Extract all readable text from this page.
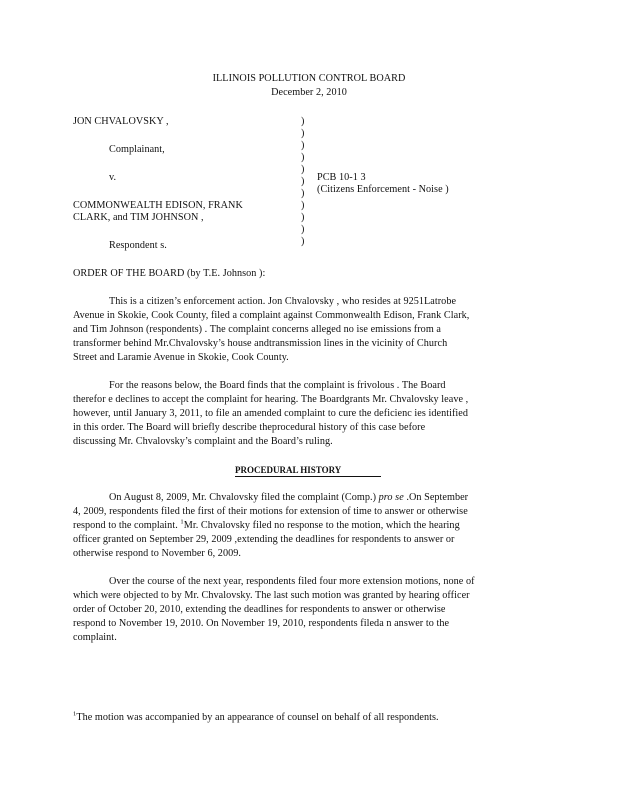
ILLINOIS POLLUTION CONTROL BOARD
December 2, 2010
JON CHVALOVSKY ,
Complainant,
v.
COMMONWEALTH EDISON, FRANK
CLARK, and TIM JOHNSON ,
Respondent s.
)
)
)
)
)
)
)
)
)
)
)
PCB 10-1 3
(Citizens Enforcement - Noise )
ORDER OF THE BOARD (by T.E. Johnson ):
This is a citizen’s enforcement action. Jon Chvalovsky , who resides at 9251Latrobe
Avenue in Skokie, Cook County, filed a complaint against Commonwealth Edison, Frank Clark,
and Tim Johnson (respondents) . The complaint concerns alleged no ise emissions from a
transformer behind Mr.Chvalovsky’s house andtransmission lines in the vicinity of Church
Street and Laramie Avenue in Skokie, Cook County.
For the reasons below, the Board finds that the complaint is frivolous . The Board
therefor e declines to accept the complaint for hearing. The Boardgrants Mr. Chvalovsky leave ,
however, until January 3, 2011, to file an amended complaint to cure the deficienc ies identified
in this order. The Board will briefly describe theprocedural history of this case before
discussing Mr. Chvalovsky’s complaint and the Board’s ruling.
PROCEDURAL HISTORY
On August 8, 2009, Mr. Chvalovsky filed the complaint (Comp.) pro se .On September
4, 2009, respondents filed the first of their motions for extension of time to answer or otherwise
respond to the complaint. $^1$Mr. Chvalovsky filed no response to the motion, which the hearing
officer granted on September 29, 2009 ,extending the deadlines for respondents to answer or
otherwise respond to November 6, 2009.
Over the course of the next year, respondents filed four more extension motions, none of
which were objected to by Mr. Chvalovsky. The last such motion was granted by hearing officer
order of October 20, 2010, extending the deadlines for respondents to answer or otherwise
respond to November 19, 2010. On November 19, 2010, respondents fileda n answer to the
complaint.
$^1$The motion was accompanied by an appearance of counsel on behalf of all respondents.
